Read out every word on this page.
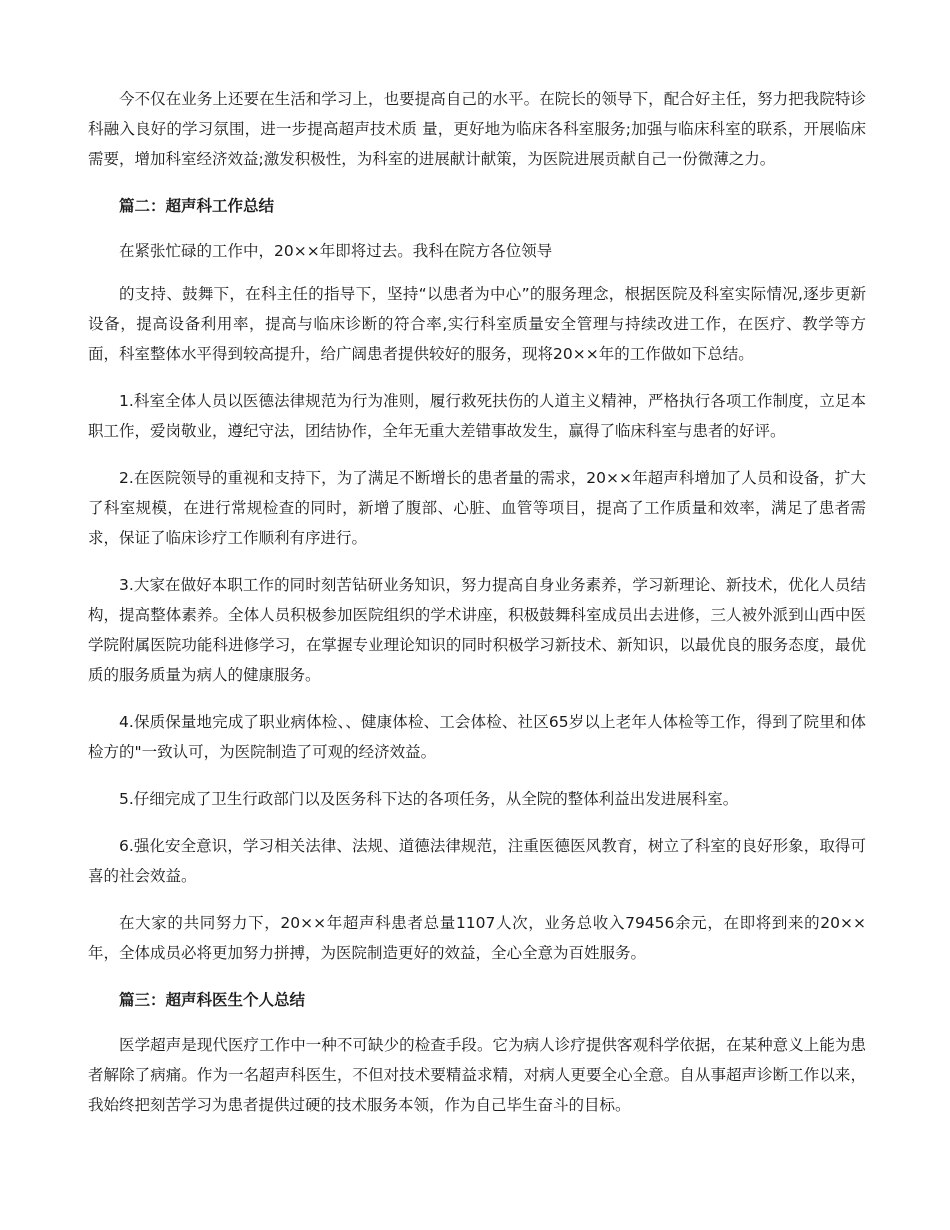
今不仅在业务上还要在生活和学习上，也要提高自己的水平。在院长的领导下，配合好主任，努力把我院特诊科融入良好的学习氛围，进一步提高超声技术质 量，更好地为临床各科室服务;加强与临床科室的联系，开展临床需要，增加科室经济效益;激发积极性，为科室的进展献计献策，为医院进展贡献自己一份微薄之力。

篇二：超声科工作总结

在紧张忙碌的工作中，20××年即将过去。我科在院方各位领导

的支持、鼓舞下，在科主任的指导下，坚持“以患者为中心”的服务理念，根据医院及科室实际情况,逐步更新设备，提高设备利用率，提高与临床诊断的符合率,实行科室质量安全管理与持续改进工作，在医疗、教学等方面，科室整体水平得到较高提升，给广阔患者提供较好的服务，现将20××年的工作做如下总结。

1.科室全体人员以医德法律规范为行为准则，履行救死扶伤的人道主义精神，严格执行各项工作制度，立足本职工作，爱岗敬业，遵纪守法，团结协作，全年无重大差错事故发生，赢得了临床科室与患者的好评。

2.在医院领导的重视和支持下，为了满足不断增长的患者量的需求，20××年超声科增加了人员和设备，扩大了科室规模，在进行常规检查的同时，新增了腹部、心脏、血管等项目，提高了工作质量和效率，满足了患者需求，保证了临床诊疗工作顺利有序进行。

3.大家在做好本职工作的同时刻苦钻研业务知识，努力提高自身业务素养，学习新理论、新技术，优化人员结构，提高整体素养。全体人员积极参加医院组织的学术讲座，积极鼓舞科室成员出去进修，三人被外派到山西中医学院附属医院功能科进修学习，在掌握专业理论知识的同时积极学习新技术、新知识，以最优良的服务态度，最优质的服务质量为病人的健康服务。

4.保质保量地完成了职业病体检、、健康体检、工会体检、社区65岁以上老年人体检等工作，得到了院里和体检方的"一致认可，为医院制造了可观的经济效益。

5.仔细完成了卫生行政部门以及医务科下达的各项任务，从全院的整体利益出发进展科室。

6.强化安全意识，学习相关法律、法规、道德法律规范，注重医德医风教育，树立了科室的良好形象，取得可喜的社会效益。

在大家的共同努力下，20××年超声科患者总量1107人次，业务总收入79456余元，在即将到来的20××年，全体成员必将更加努力拼搏，为医院制造更好的效益，全心全意为百姓服务。

篇三：超声科医生个人总结

医学超声是现代医疗工作中一种不可缺少的检查手段。它为病人诊疗提供客观科学依据，在某种意义上能为患者解除了病痛。作为一名超声科医生，不但对技术要精益求精，对病人更要全心全意。自从事超声诊断工作以来，我始终把刻苦学习为患者提供过硬的技术服务本领，作为自己毕生奋斗的目标。
